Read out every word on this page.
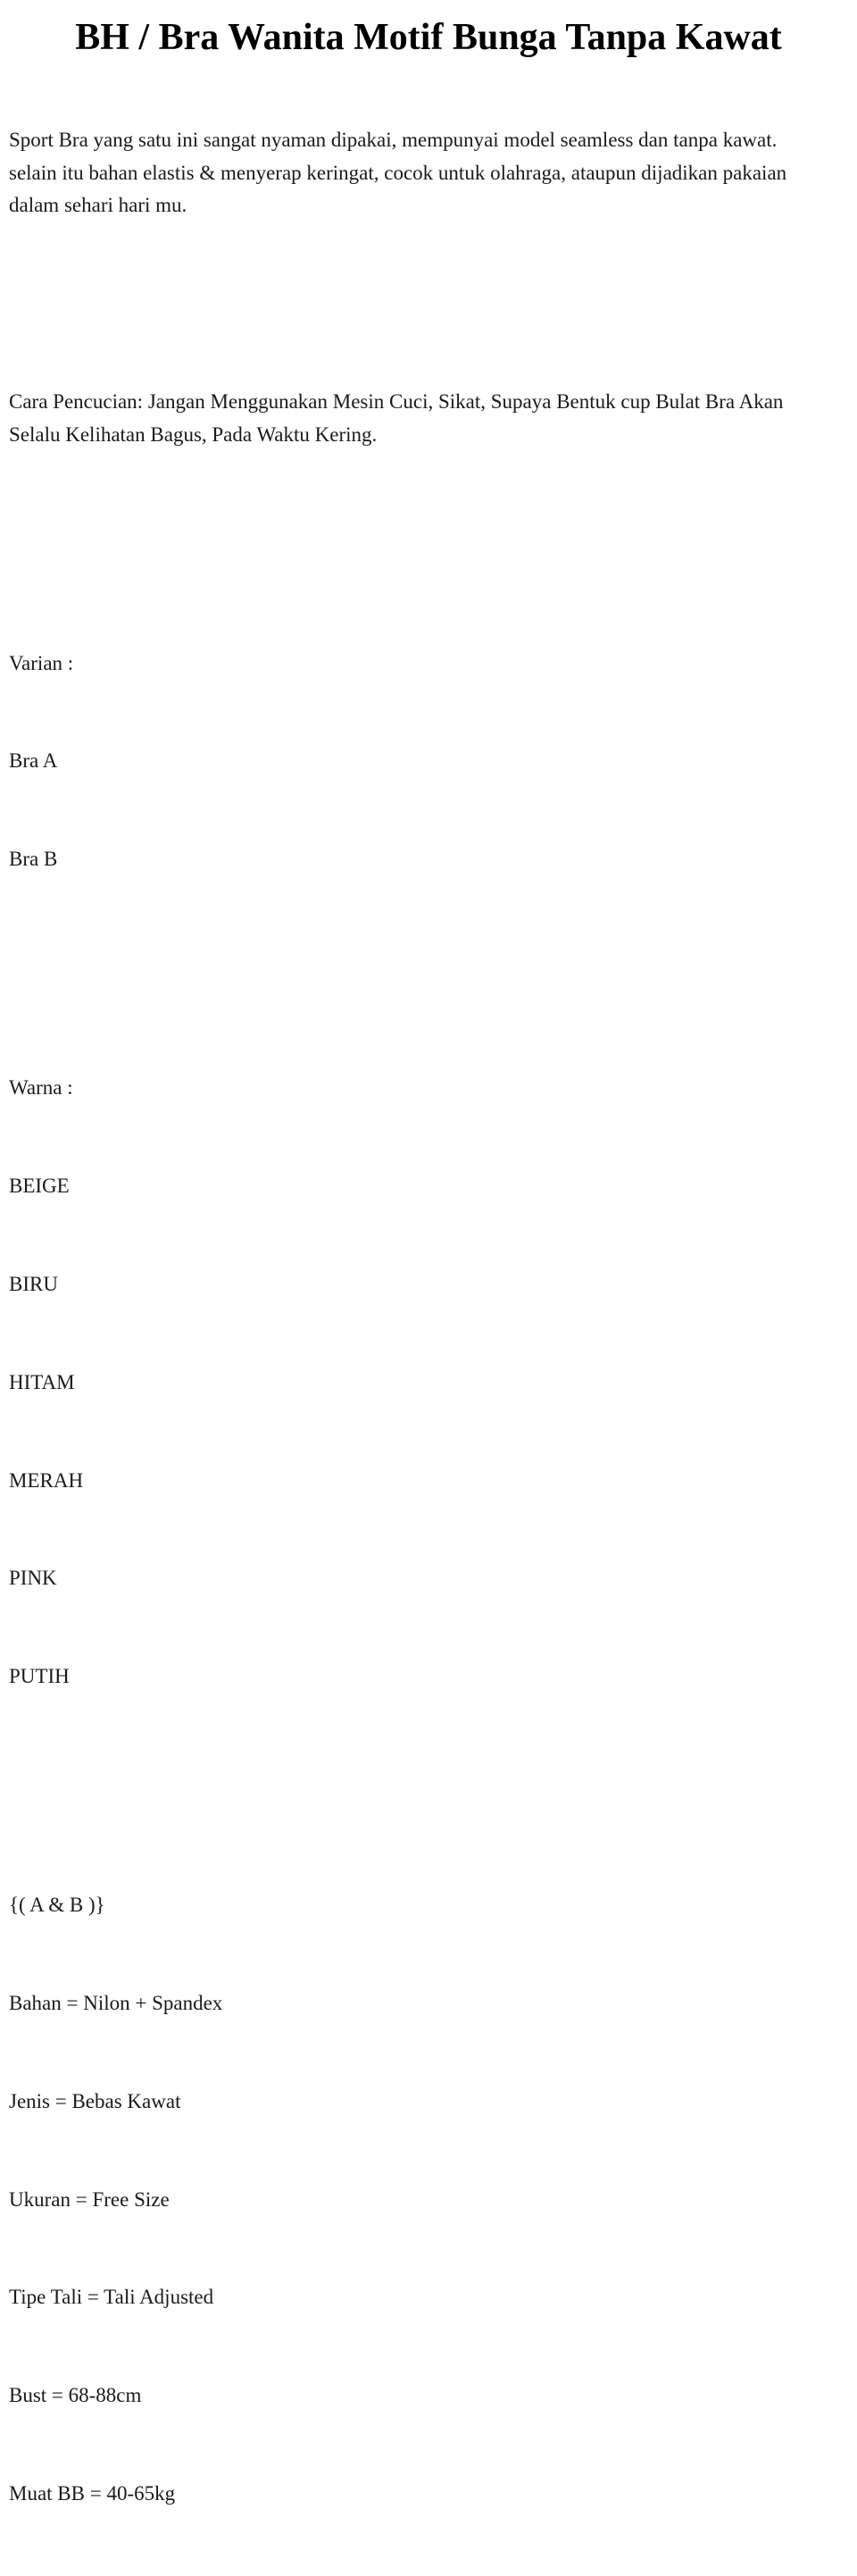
BH / Bra Wanita Motif Bunga Tanpa Kawat

Sport Bra yang satu ini sangat nyaman dipakai, mempunyai model seamless dan tanpa kawat. selain itu bahan elastis & menyerap keringat, cocok untuk olahraga, ataupun dijadikan pakaian dalam sehari hari mu.

Cara Pencucian: Jangan Menggunakan Mesin Cuci, Sikat, Supaya Bentuk cup Bulat Bra Akan Selalu Kelihatan Bagus, Pada Waktu Kering.

Varian :

Bra A

Bra B

Warna :

BEIGE

BIRU

HITAM

MERAH

PINK

PUTIH

{( A & B )}

Bahan = Nilon + Spandex

Jenis = Bebas Kawat

Ukuran = Free Size

Tipe Tali = Tali Adjusted

Bust = 68-88cm

Muat BB = 40-65kg
